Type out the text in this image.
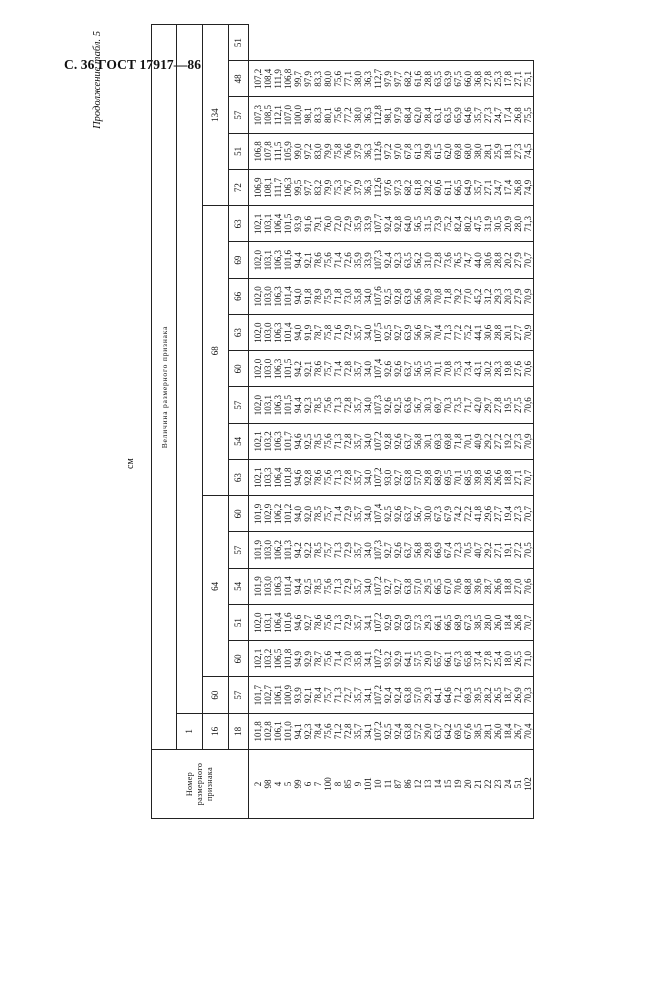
С. 36 ГОСТ 17917—86
Продолжение табл. 5
см
Номер размерного признака	Величина размерного признака																			
	1																			
	16	60	64					68								134				
	18	57	60	51	54	57	60	63	54	57	60	63	66	69	63	72	51	57	48	51
2	101,8	101,7	102,1	102,0	101,9	101,9	101,9	102,1	102,1	102,0	102,0	102,0	102,0	102,0	102,1	106,9	106,8	107,3	107,2	
98	102,8	102,7	103,2	103,1	103,0	103,0	102,9	103,3	103,2	103,1	103,0	103,0	103,0	103,1	103,1	108,1	107,8	108,5	108,4	
4	106,1	106,1	106,5	106,4	106,3	106,2	106,2	106,4	106,3	106,3	106,3	106,3	106,3	106,3	106,4	111,7	111,5	112,1	111,9	
5	101,0	100,9	101,8	101,6	101,4	101,3	101,2	101,8	101,7	101,5	101,5	101,4	101,4	101,6	101,5	106,3	105,9	107,0	106,8	
99	94,1	93,9	94,9	94,6	94,4	94,2	94,0	94,6	94,6	94,4	94,2	94,0	94,0	94,4	93,9	99,5	99,0	100,0	99,7	
6	92,3	92,1	92,9	92,7	92,5	92,2	92,0	92,8	92,5	92,3	92,1	91,9	91,8	92,1	91,6	97,7	97,2	98,1	97,9	
7	78,4	78,4	78,7	78,6	78,5	78,5	78,5	78,6	78,5	78,5	78,6	78,7	78,9	78,6	79,1	83,2	83,0	83,3	83,3	
100	75,6	75,7	75,6	75,6	75,6	75,7	75,7	75,6	75,6	75,6	75,7	75,8	75,9	75,6	76,0	79,9	79,9	80,1	80,0	
8	71,2	71,3	71,4	71,3	71,3	71,3	71,4	71,3	71,3	71,3	71,4	71,6	71,8	71,4	72,0	75,3	75,8	75,6	75,6	
85	72,8	72,7	73,0	72,9	72,9	72,9	72,9	72,8	72,8	72,8	72,8	72,9	73,0	72,6	72,9	76,7	76,6	77,2	77,1	
9	35,7	35,7	35,8	35,7	35,7	35,7	35,7	35,7	35,7	35,7	35,7	35,7	35,8	35,9	35,9	37,9	37,9	38,0	38,0	
101	34,1	34,1	34,1	34,1	34,0	34,0	34,0	34,0	34,0	34,0	34,0	34,0	34,0	33,9	33,9	36,3	36,3	36,3	36,3	
10	107,2	107,2	107,2	107,2	107,2	107,3	107,4	107,2	107,2	107,3	107,4	107,5	107,6	107,3	107,7	112,6	112,6	112,8	112,7	
11	92,5	92,4	93,2	92,9	92,7	92,7	92,5	93,0	92,8	92,6	92,6	92,5	92,5	92,4	92,4	97,6	97,2	98,1	97,9	
87	92,4	92,4	92,9	92,9	92,7	92,6	92,6	92,7	92,6	92,5	92,6	92,7	92,8	92,3	92,8	97,3	97,0	97,9	97,7	
86	63,8	63,8	64,1	63,9	63,8	63,7	63,7	63,8	63,7	63,6	63,7	63,9	63,9	63,5	64,0	68,2	67,8	68,4	68,2	
12	57,2	57,0	57,5	57,3	57,0	56,8	56,7	57,0	56,8	56,7	56,5	56,6	56,6	56,2	56,5	61,8	61,3	62,0	61,6	
13	29,0	29,3	29,0	29,3	29,5	29,8	30,0	29,8	30,1	30,3	30,5	30,7	30,9	31,0	31,5	28,2	28,9	28,4	28,8	
14	63,7	64,1	65,7	66,1	66,5	66,9	67,3	68,9	69,3	69,7	70,1	70,4	70,8	72,8	73,9	60,6	61,5	63,1	63,5	
15	64,2	64,6	66,1	66,5	67,0	67,4	67,9	69,5	69,8	70,3	70,8	71,3	71,8	73,6	75,2	61,1	62,0	63,5	63,9	
19	69,5	71,2	67,3	68,9	70,6	72,3	74,2	70,1	71,8	73,5	75,3	77,2	79,2	76,5	82,4	66,5	69,8	65,9	67,5	
20	67,6	69,3	65,8	67,3	68,8	70,5	72,2	68,5	70,1	71,7	73,4	75,2	77,0	74,7	80,2	64,9	68,0	64,6	66,0	
21	38,5	39,5	37,4	38,5	39,6	40,7	41,8	39,8	40,9	42,0	43,1	44,1	45,2	44,0	47,5	35,7	38,0	35,7	36,8	
22	28,1	28,2	27,8	28,0	28,7	29,2	29,6	28,6	29,2	29,7	30,2	30,6	31,2	30,6	31,9	27,1	28,1	27,3	27,8	
23	26,0	26,5	25,4	26,0	26,6	27,1	27,7	26,6	27,2	27,8	28,3	28,8	29,3	28,8	30,5	24,7	25,9	24,7	25,3	
24	18,4	18,7	18,0	18,4	18,8	19,1	19,4	18,8	19,2	19,5	19,8	20,1	20,3	20,2	20,9	17,4	18,1	17,4	17,8	
51	26,7	26,9	26,5	26,8	27,0	27,2	27,3	27,1	27,3	27,5	27,6	27,7	27,9	27,9	28,0	26,8	27,3	26,8	27,1	
102	70,4	70,3	71,0	70,7	70,6	70,5	70,7	70,7	70,9	70,6	70,6	70,9	70,9	70,7	71,3	74,9	74,5	75,5	75,1	
